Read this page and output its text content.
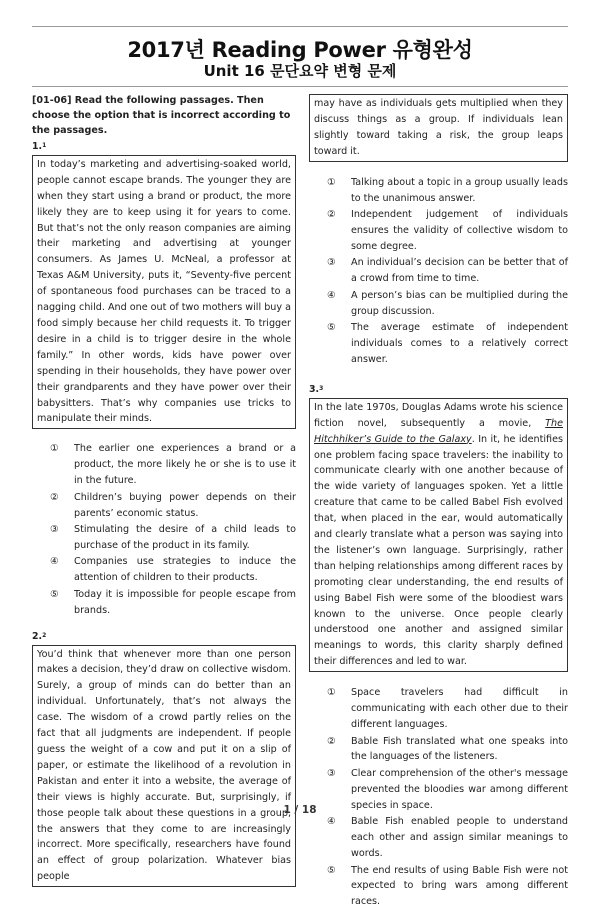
2017년 Reading Power 유형완성
Unit 16 문단요약 변형 문제
[01-06] Read the following passages. Then choose the option that is incorrect according to the passages.
1.$^1$
In today’s marketing and advertising-soaked world, people cannot escape brands. The younger they are when they start using a brand or product, the more likely they are to keep using it for years to come. But that’s not the only reason companies are aiming their marketing and advertising at younger consumers. As James U. McNeal, a professor at Texas A&M University, puts it, “Seventy-five percent of spontaneous food purchases can be traced to a nagging child. And one out of two mothers will buy a food simply because her child requests it. To trigger desire in a child is to trigger desire in the whole family.” In other words, kids have power over spending in their households, they have power over their grandparents and they have power over their babysitters. That’s why companies use tricks to manipulate their minds.
① The earlier one experiences a brand or a product, the more likely he or she is to use it in the future.
② Children’s buying power depends on their parents’ economic status.
③ Stimulating the desire of a child leads to purchase of the product in its family.
④ Companies use strategies to induce the attention of children to their products.
⑤ Today it is impossible for people escape from brands.
2.$^2$
You’d think that whenever more than one person makes a decision, they’d draw on collective wisdom. Surely, a group of minds can do better than an individual. Unfortunately, that’s not always the case. The wisdom of a crowd partly relies on the fact that all judgments are independent. If people guess the weight of a cow and put it on a slip of paper, or estimate the likelihood of a revolution in Pakistan and enter it into a website, the average of their views is highly accurate. But, surprisingly, if those people talk about these questions in a group, the answers that they come to are increasingly incorrect. More specifically, researchers have found an effect of group polarization. Whatever bias people
may have as individuals gets multiplied when they discuss things as a group. If individuals lean slightly toward taking a risk, the group leaps toward it.
① Talking about a topic in a group usually leads to the unanimous answer.
② Independent judgement of individuals ensures the validity of collective wisdom to some degree.
③ An individual’s decision can be better that of a crowd from time to time.
④ A person’s bias can be multiplied during the group discussion.
⑤ The average estimate of independent individuals comes to a relatively correct answer.
3.$^3$
In the late 1970s, Douglas Adams wrote his science fiction novel, subsequently a movie, The Hitchhiker’s Guide to the Galaxy. In it, he identifies one problem facing space travelers: the inability to communicate clearly with one another because of the wide variety of languages spoken. Yet a little creature that came to be called Babel Fish evolved that, when placed in the ear, would automatically and clearly translate what a person was saying into the listener’s own language. Surprisingly, rather than helping relationships among different races by promoting clear understanding, the end results of using Babel Fish were some of the bloodiest wars known to the universe. Once people clearly understood one another and assigned similar meanings to words, this clarity sharply defined their differences and led to war.
① Space travelers had difficult in communicating with each other due to their different languages.
② Bable Fish translated what one speaks into the languages of the listeners.
③ Clear comprehension of the other's message prevented the bloodies war among different species in space.
④ Bable Fish enabled people to understand each other and assign similar meanings to words.
⑤ The end results of using Bable Fish were not expected to bring wars among different races.
1 / 18
